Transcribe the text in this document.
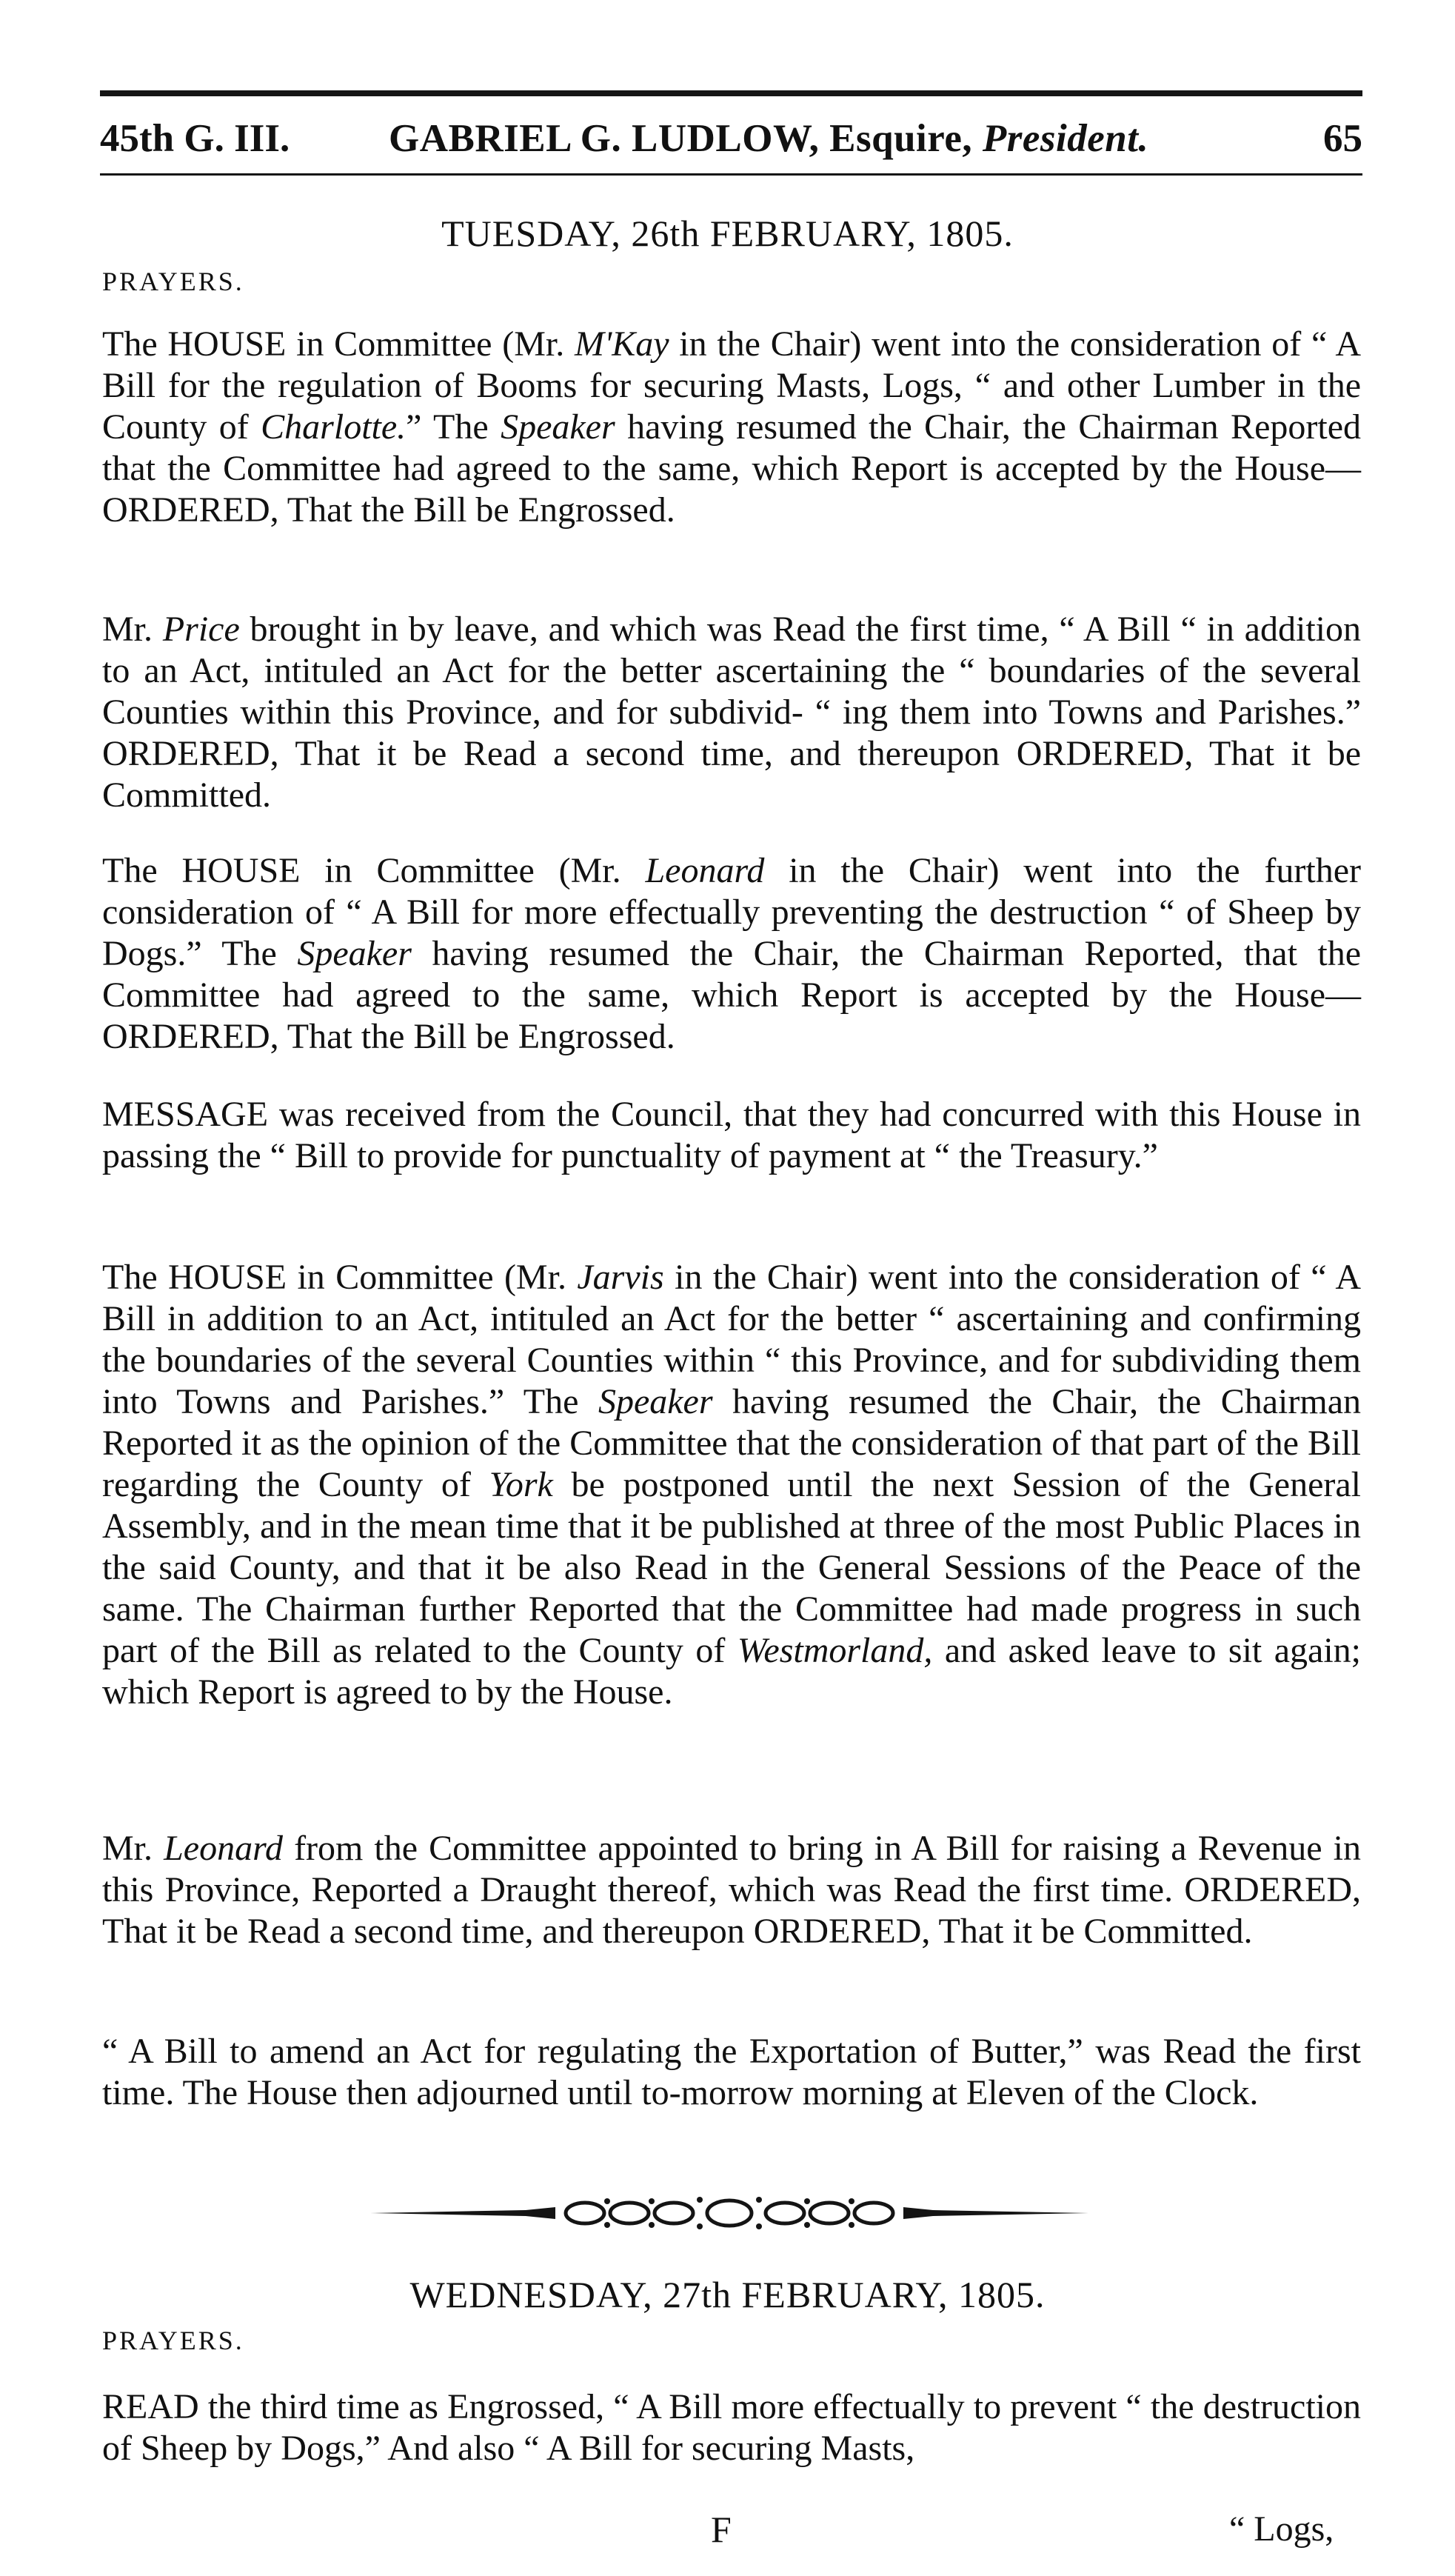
45th G. III.	GABRIEL G. LUDLOW, Esquire, President.	65
TUESDAY, 26th FEBRUARY, 1805.
PRAYERS.

The HOUSE in Committee (Mr. M'Kay in the Chair) went into the consideration of “ A Bill for the regulation of Booms for securing Masts, Logs, “ and other Lumber in the County of Charlotte.” The Speaker having resumed the Chair, the Chairman Reported that the Committee had agreed to the same, which Report is accepted by the House—ORDERED, That the Bill be Engrossed.

Mr. Price brought in by leave, and which was Read the first time, “ A Bill “ in addition to an Act, intituled an Act for the better ascertaining the “ boundaries of the several Counties within this Province, and for subdivid- “ ing them into Towns and Parishes.” ORDERED, That it be Read a second time, and thereupon ORDERED, That it be Committed.

The HOUSE in Committee (Mr. Leonard in the Chair) went into the further consideration of “ A Bill for more effectually preventing the destruction “ of Sheep by Dogs.” The Speaker having resumed the Chair, the Chairman Reported, that the Committee had agreed to the same, which Report is accepted by the House—ORDERED, That the Bill be Engrossed.

MESSAGE was received from the Council, that they had concurred with this House in passing the “ Bill to provide for punctuality of payment at “ the Treasury.”

The HOUSE in Committee (Mr. Jarvis in the Chair) went into the consideration of “ A Bill in addition to an Act, intituled an Act for the better “ ascertaining and confirming the boundaries of the several Counties within “ this Province, and for subdividing them into Towns and Parishes.” The Speaker having resumed the Chair, the Chairman Reported it as the opinion of the Committee that the consideration of that part of the Bill regarding the County of York be postponed until the next Session of the General Assembly, and in the mean time that it be published at three of the most Public Places in the said County, and that it be also Read in the General Sessions of the Peace of the same. The Chairman further Reported that the Committee had made progress in such part of the Bill as related to the County of Westmorland, and asked leave to sit again; which Report is agreed to by the House.

Mr. Leonard from the Committee appointed to bring in A Bill for raising a Revenue in this Province, Reported a Draught thereof, which was Read the first time. ORDERED, That it be Read a second time, and thereupon ORDERED, That it be Committed.

“ A Bill to amend an Act for regulating the Exportation of Butter,” was Read the first time. The House then adjourned until to-morrow morning at Eleven of the Clock.

WEDNESDAY, 27th FEBRUARY, 1805.
PRAYERS.

READ the third time as Engrossed, “ A Bill more effectually to prevent “ the destruction of Sheep by Dogs,” And also “ A Bill for securing Masts,

F	“ Logs,
